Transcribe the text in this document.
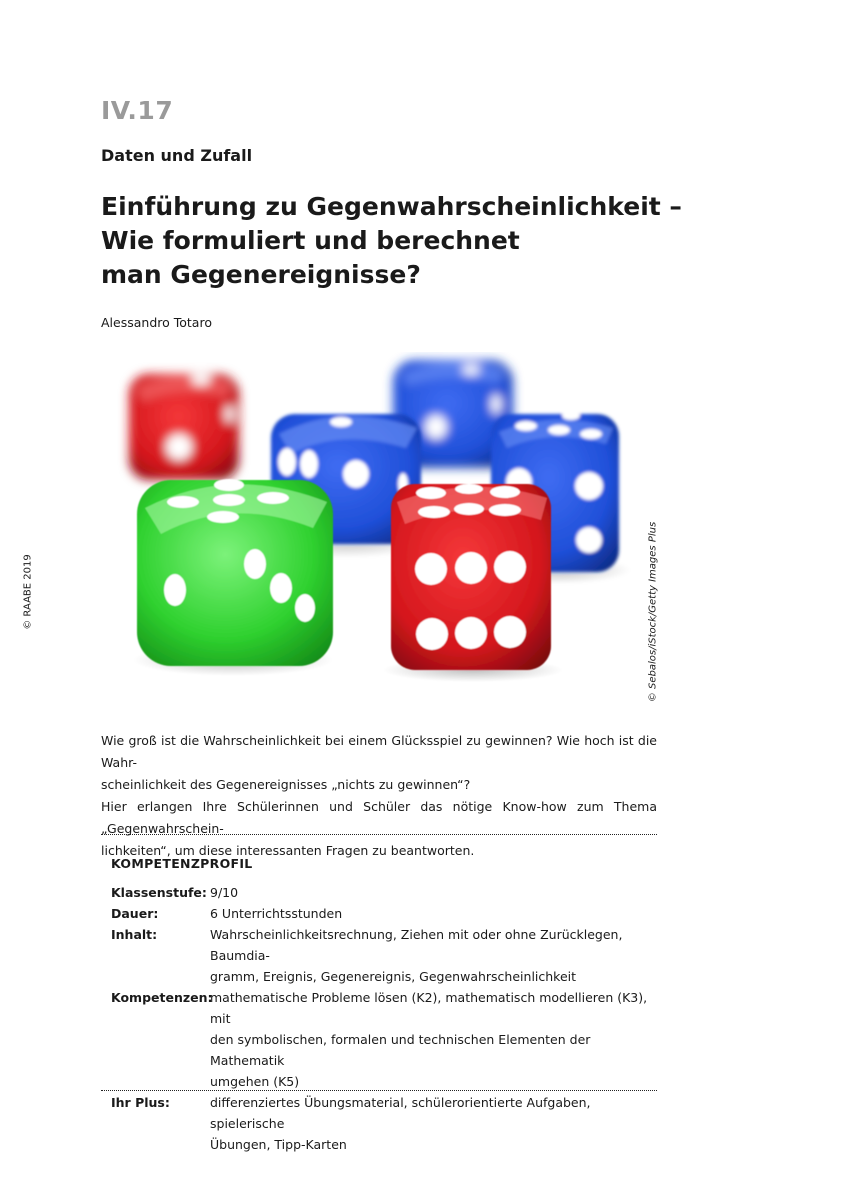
IV.17
Daten und Zufall
Einführung zu Gegenwahrscheinlichkeit –
Wie formuliert und berechnet
man Gegenereignisse?
Alessandro Totaro
© RAABE 2019	© Sebalos/iStock/Getty Images Plus

Wie groß ist die Wahrscheinlichkeit bei einem Glücksspiel zu gewinnen? Wie hoch ist die Wahr-

scheinlichkeit des Gegenereignisses „nichts zu gewinnen“?

Hier erlangen Ihre Schülerinnen und Schüler das nötige Know-how zum Thema „Gegenwahrschein-

lichkeiten“, um diese interessanten Fragen zu beantworten.

KOMPETENZPROFIL
Klassenstufe: 9/10
Dauer:	6 Unterrichtsstunden
Inhalt:	Wahrscheinlichkeitsrechnung, Ziehen mit oder ohne Zurücklegen, Baumdia-
gramm, Ereignis, Gegenereignis, Gegenwahrscheinlichkeit
Kompetenzen:
mathematische Probleme lösen (K2), mathematisch modellieren (K3), mit
den symbolischen, formalen und technischen Elementen der Mathematik
umgehen (K5)
Ihr Plus:	differenziertes Übungsmaterial, schülerorientierte Aufgaben, spielerische
Übungen, Tipp-Karten
